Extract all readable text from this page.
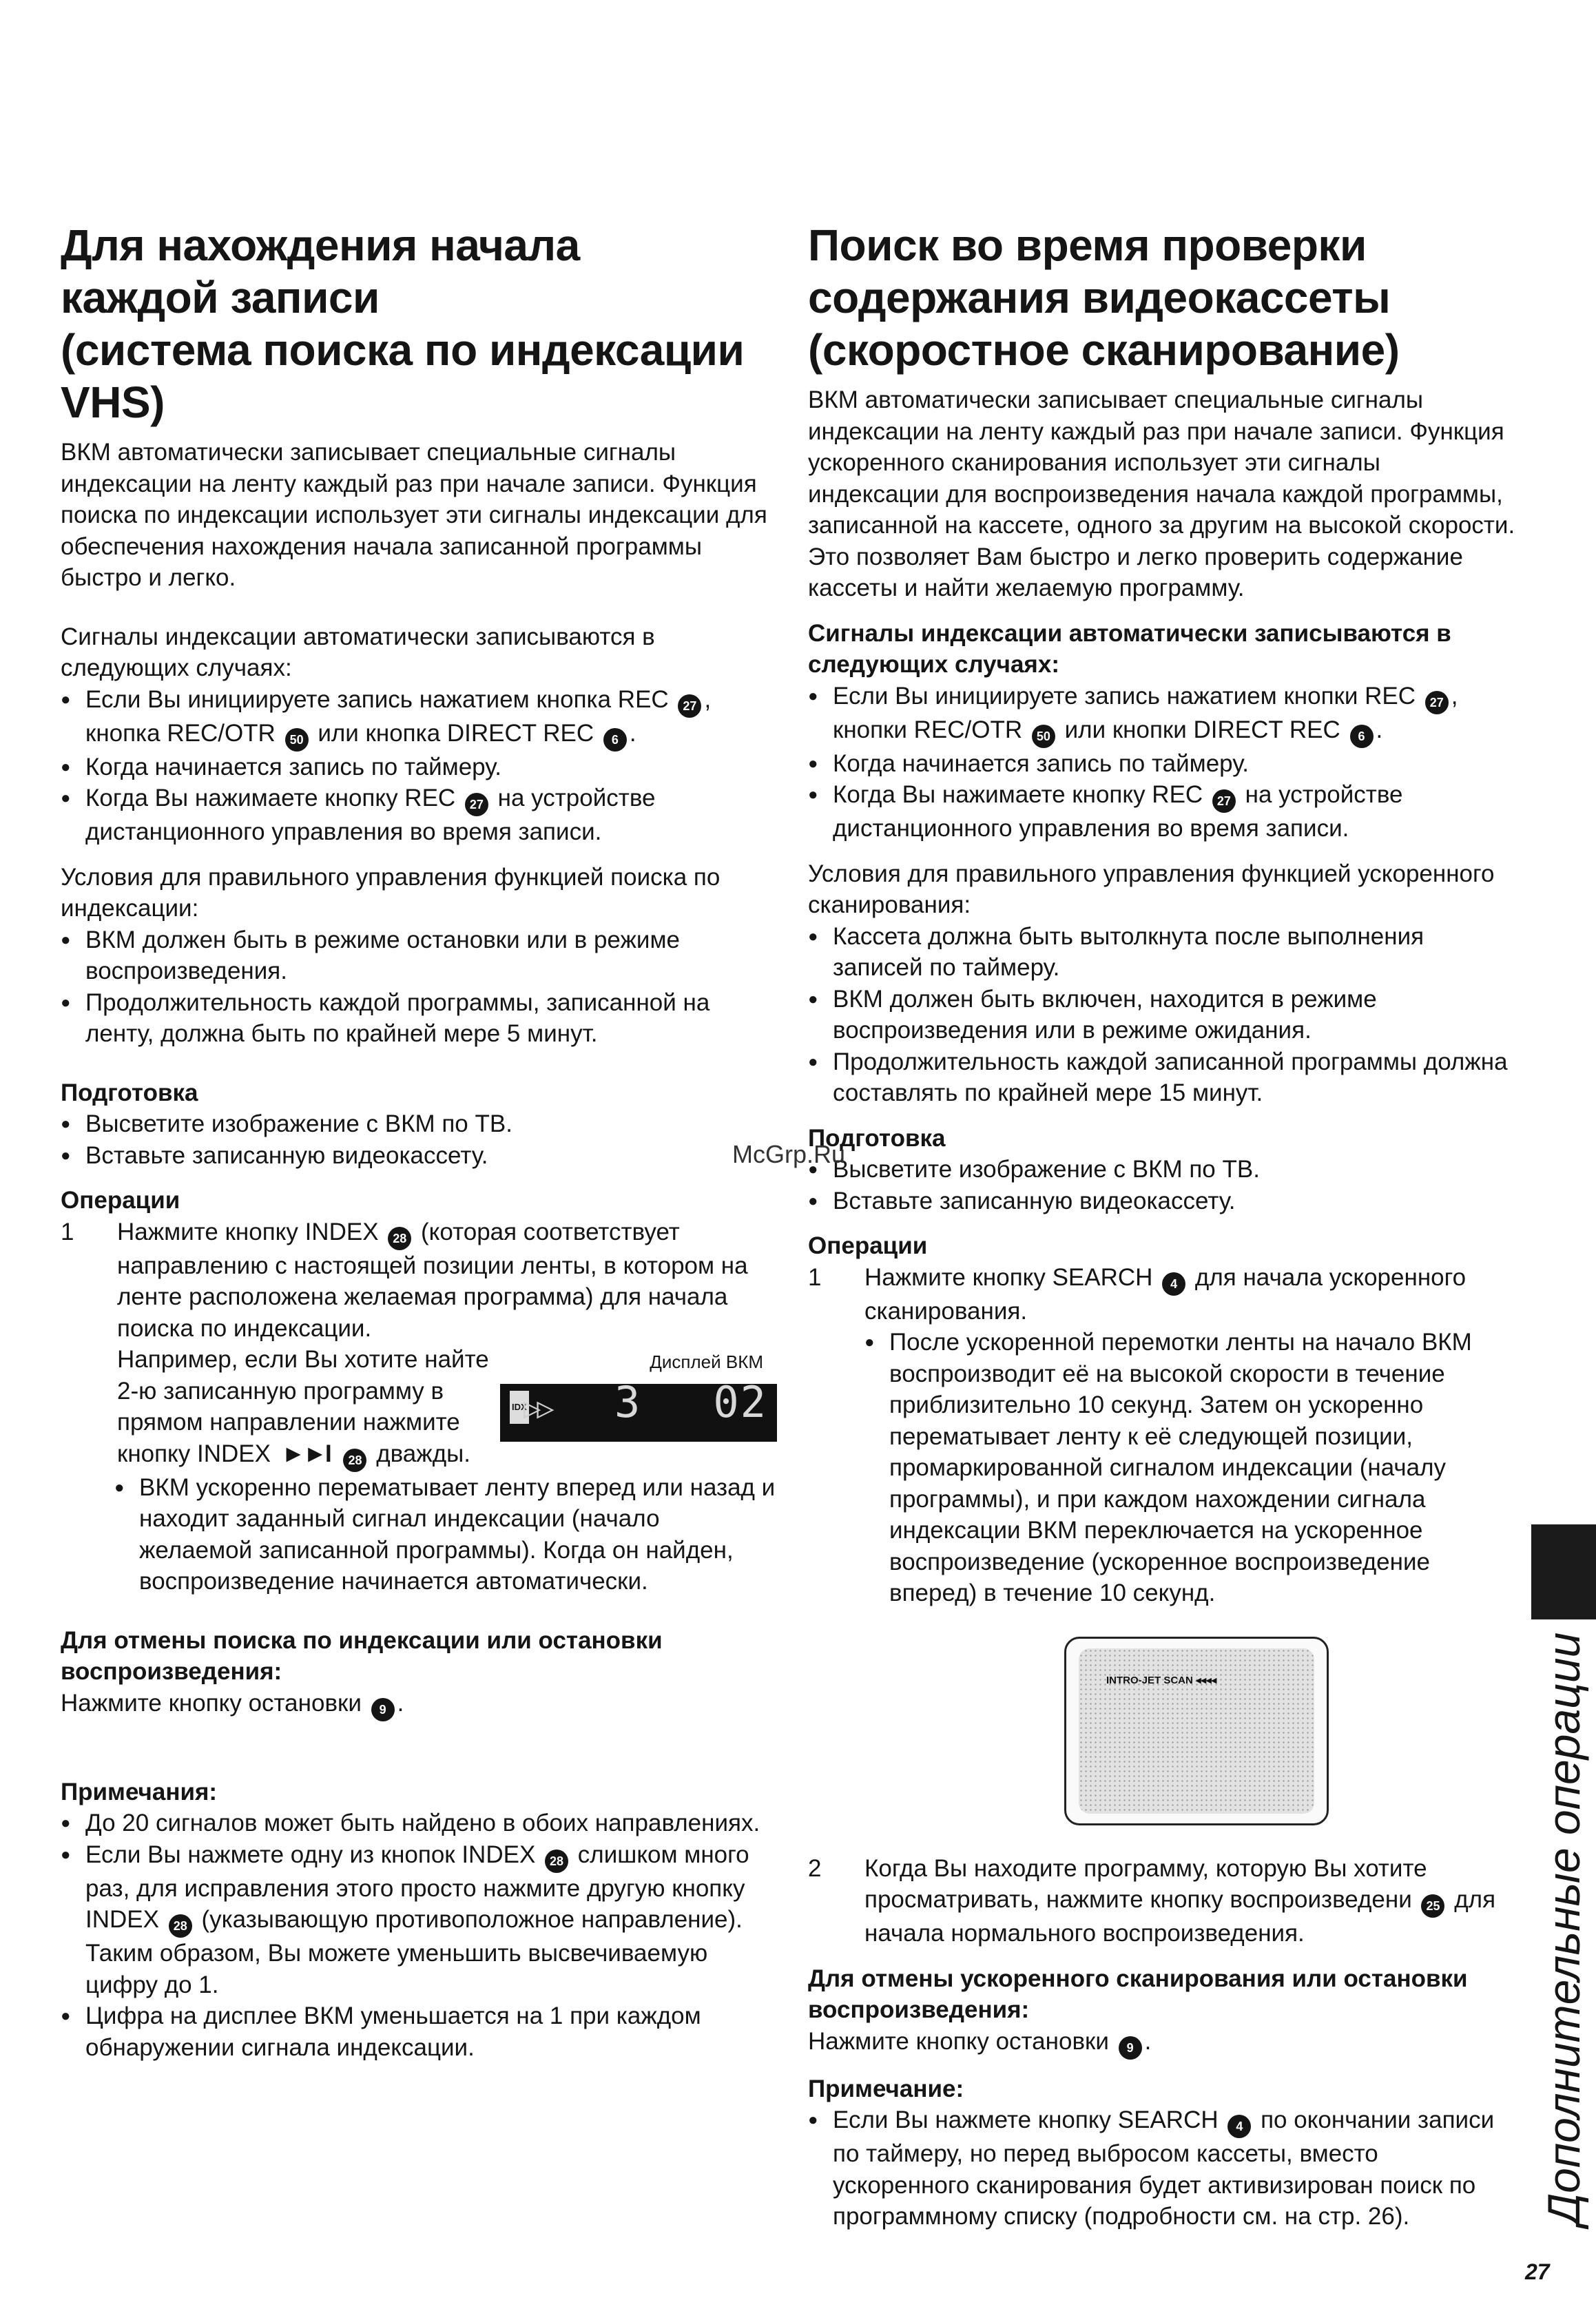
Для нахождения начала
каждой записи
(система поиска по индексации
VHS)

ВКМ автоматически записывает специальные сигналы индексации на ленту каждый раз при начале записи. Функция поиска по индексации использует эти сигналы индексации для обеспечения нахождения начала записанной программы быстро и легко.

Сигналы индексации автоматически записываются в следующих случаях:

● Если Вы инициируете запись нажатием кнопка REC 27 , кнопка REC/OTR 50 или кнопка DIRECT REC 6 .
● Когда начинается запись по таймеру.
● Когда Вы нажимаете кнопку REC 27 на устройстве дистанционного управления во время записи.

Условия для правильного управления функцией поиска по индексации:

● ВКМ должен быть в режиме остановки или в режиме воспроизведения.
● Продолжительность каждой программы, записанной на ленту, должна быть по крайней мере 5 минут.

Подготовка

● Высветите изображение с ВКМ по ТВ.
● Вставьте записанную видеокассету.

Операции

1 Нажмите кнопку INDEX 28 (которая соответствует направлению с настоящей позиции ленты, в котором на ленте расположена желаемая программа) для начала поиска по индексации.

Дисплей ВКМ
IDX
▷▷ 3 02

Например, если Вы хотите найте 2-ю записанную программу в прямом направлении нажмите кнопку INDEX ►►I 28 дважды.

● ВКМ ускоренно перематывает ленту вперед или назад и находит заданный сигнал индексации (начало желаемой записанной программы). Когда он найден, воспроизведение начинается автоматически.

Для отмены поиска по индексации или остановки воспроизведения:

Нажмите кнопку остановки 9 .

Примечания:

● До 20 сигналов может быть найдено в обоих направлениях.
● Если Вы нажмете одну из кнопок INDEX 28 слишком много раз, для исправления этого просто нажмите другую кнопку INDEX 28 (указывающую противоположное направление). Таким образом, Вы можете уменьшить высвечиваемую цифру до 1.
● Цифра на дисплее ВКМ уменьшается на 1 при каждом обнаружении сигнала индексации.
Поиск во время проверки
содержания видеокассеты
(скоростное сканирование)

ВКМ автоматически записывает специальные сигналы индексации на ленту каждый раз при начале записи. Функция ускоренного сканирования использует эти сигналы индексации для воспроизведения начала каждой программы, записанной на кассете, одного за другим на высокой скорости. Это позволяет Вам быстро и легко проверить содержание кассеты и найти желаемую программу.

Сигналы индексации автоматически записываются в следующих случаях:

● Если Вы инициируете запись нажатием кнопки REC 27 , кнопки REC/OTR 50 или кнопки DIRECT REC 6 .
● Когда начинается запись по таймеру.
● Когда Вы нажимаете кнопку REC 27 на устройстве дистанционного управления во время записи.

Условия для правильного управления функцией ускоренного сканирования:

● Кассета должна быть вытолкнута после выполнения записей по таймеру.
● ВКМ должен быть включен, находится в режиме воспроизведения или в режиме ожидания.
● Продолжительность каждой записанной программы должна составлять по крайней мере 15 минут.

Подготовка

● Высветите изображение с ВКМ по ТВ.
● Вставьте записанную видеокассету.

Операции

1 Нажмите кнопку SEARCH 4 для начала ускоренного сканирования.

● После ускоренной перемотки ленты на начало ВКМ воспроизводит её на высокой скорости в течение приблизительно 10 секунд. Затем он ускоренно перематывает ленту к её следующей позиции, промаркированной сигналом индексации (началу программы), и при каждом нахождении сигнала индексации ВКМ переключается на ускоренное воспроизведение (ускоренное воспроизведение вперед) в течение 10 секунд.
INTRO-JET SCAN ◂◂◂◂
2 Когда Вы находите программу, которую Вы хотите просматривать, нажмите кнопку воспроизведени 25 для начала нормального воспроизведения.

Для отмены ускоренного сканирования или остановки воспроизведения:

Нажмите кнопку остановки 9 .

Примечание:

● Если Вы нажмете кнопку SEARCH 4 по окончании записи по таймеру, но перед выбросом кассеты, вместо ускоренного сканирования будет активизирован поиск по программному списку (подробности см. на стр. 26).	Дополнительные операции
27
McGrp.Ru
